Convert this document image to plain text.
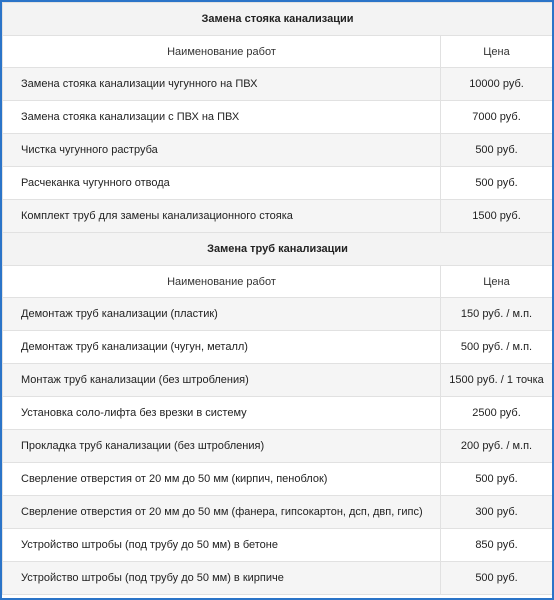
Замена стояка канализации	
Наименование работ	Цена
Замена стояка канализации чугунного на ПВХ	10000 руб.
Замена стояка канализации с ПВХ на ПВХ	7000 руб.
Чистка чугунного раструба	500 руб.
Расчеканка чугунного отвода	500 руб.
Комплект труб для замены канализационного стояка	1500 руб.
Замена труб канализации	
Наименование работ	Цена
Демонтаж труб канализации (пластик)	150 руб. / м.п.
Демонтаж труб канализации (чугун, металл)	500 руб. / м.п.
Монтаж труб канализации (без штробления)	1500 руб. / 1 точка
Установка соло-лифта без врезки в систему	2500 руб.
Прокладка труб канализации (без штробления)	200 руб. / м.п.
Сверление отверстия от 20 мм до 50 мм (кирпич, пенoблок)	500 руб.
Сверление отверстия от 20 мм до 50 мм (фанера, гипсокартон, дсп, двп, гипс)	300 руб.
Устройство штробы (под трубу до 50 мм) в бетоне	850 руб.
Устройство штробы (под трубу до 50 мм) в кирпиче	500 руб.
